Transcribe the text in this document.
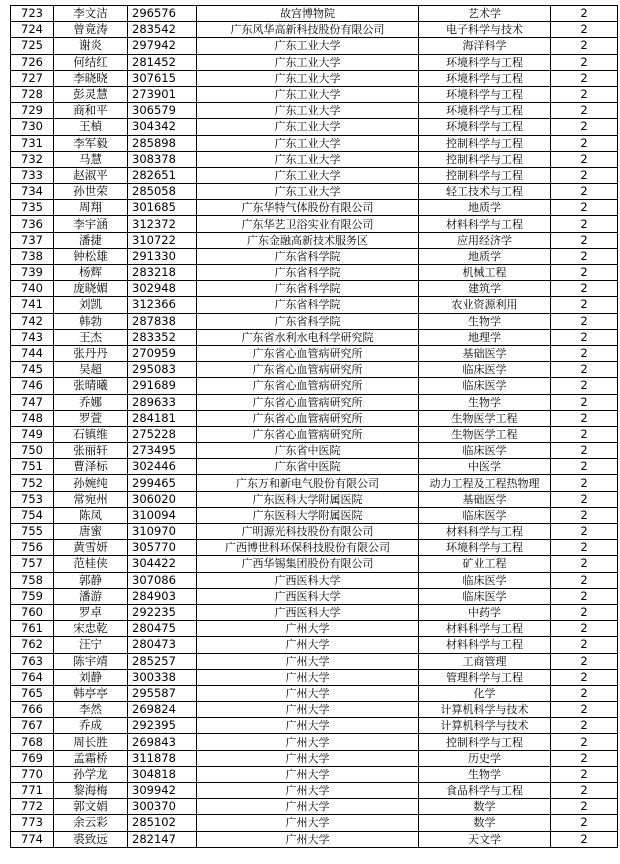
723	李文洁	296576	故宫博物院	艺术学	2
724	曾竟涛	283542	广东风华高新科技股份有限公司	电子科学与技术	2
725	谢炎	297942	广东工业大学	海洋科学	2
726	何结红	281452	广东工业大学	环境科学与工程	2
727	李晓晓	307615	广东工业大学	环境科学与工程	2
728	彭灵慧	273901	广东工业大学	环境科学与工程	2
729	商和平	306579	广东工业大学	环境科学与工程	2
730	王楨	304342	广东工业大学	环境科学与工程	2
731	李军毅	285898	广东工业大学	控制科学与工程	2
732	马慧	308378	广东工业大学	控制科学与工程	2
733	赵淑平	282651	广东工业大学	控制科学与工程	2
734	孙世荣	285058	广东工业大学	轻工技术与工程	2
735	周翔	301685	广东华特气体股份有限公司	地质学	2
736	李宇涵	312372	广东华艺卫浴实业有限公司	材料科学与工程	2
737	潘捷	310722	广东金融高新技术服务区	应用经济学	2
738	钟松雄	291330	广东省科学院	地质学	2
739	杨辉	283218	广东省科学院	机械工程	2
740	庞晓媚	302948	广东省科学院	建筑学	2
741	刘凯	312366	广东省科学院	农业资源利用	2
742	韩勃	287838	广东省科学院	生物学	2
743	王杰	283352	广东省水利水电科学研究院	地理学	2
744	张丹丹	270959	广东省心血管病研究所	基础医学	2
745	吴超	295083	广东省心血管病研究所	临床医学	2
746	张晴曦	291689	广东省心血管病研究所	临床医学	2
747	乔娜	289633	广东省心血管病研究所	生物学	2
748	罗萱	284181	广东省心血管病研究所	生物医学工程	2
749	石镇维	275228	广东省心血管病研究所	生物医学工程	2
750	张丽轩	273495	广东省中医院	临床医学	2
751	曹泽标	302446	广东省中医院	中医学	2
752	孙婉纯	299465	广东万和新电气股份有限公司	动力工程及工程热物理	2
753	常宛州	306020	广东医科大学附属医院	基础医学	2
754	陈凤	310094	广东医科大学附属医院	临床医学	2
755	唐蜜	310970	广明源光科技股份有限公司	材料科学与工程	2
756	黄雪妍	305770	广西博世科环保科技股份有限公司	环境科学与工程	2
757	范桂侠	304422	广西华锡集团股份有限公司	矿业工程	2
758	郭静	307086	广西医科大学	临床医学	2
759	潘游	284903	广西医科大学	临床医学	2
760	罗卓	292235	广西医科大学	中药学	2
761	宋忠乾	280475	广州大学	材料科学与工程	2
762	汪宁	280473	广州大学	材料科学与工程	2
763	陈宇靖	285257	广州大学	工商管理	2
764	刘静	300338	广州大学	管理科学与工程	2
765	韩亭亭	295587	广州大学	化学	2
766	李然	269824	广州大学	计算机科学与技术	2
767	乔成	292395	广州大学	计算机科学与技术	2
768	周长胜	269843	广州大学	控制科学与工程	2
769	孟霜桥	311878	广州大学	历史学	2
770	孙学龙	304818	广州大学	生物学	2
771	黎海梅	309942	广州大学	食品科学与工程	2
772	郭文娟	300370	广州大学	数学	2
773	余云彩	285102	广州大学	数学	2
774	裘致远	282147	广州大学	天文学	2
